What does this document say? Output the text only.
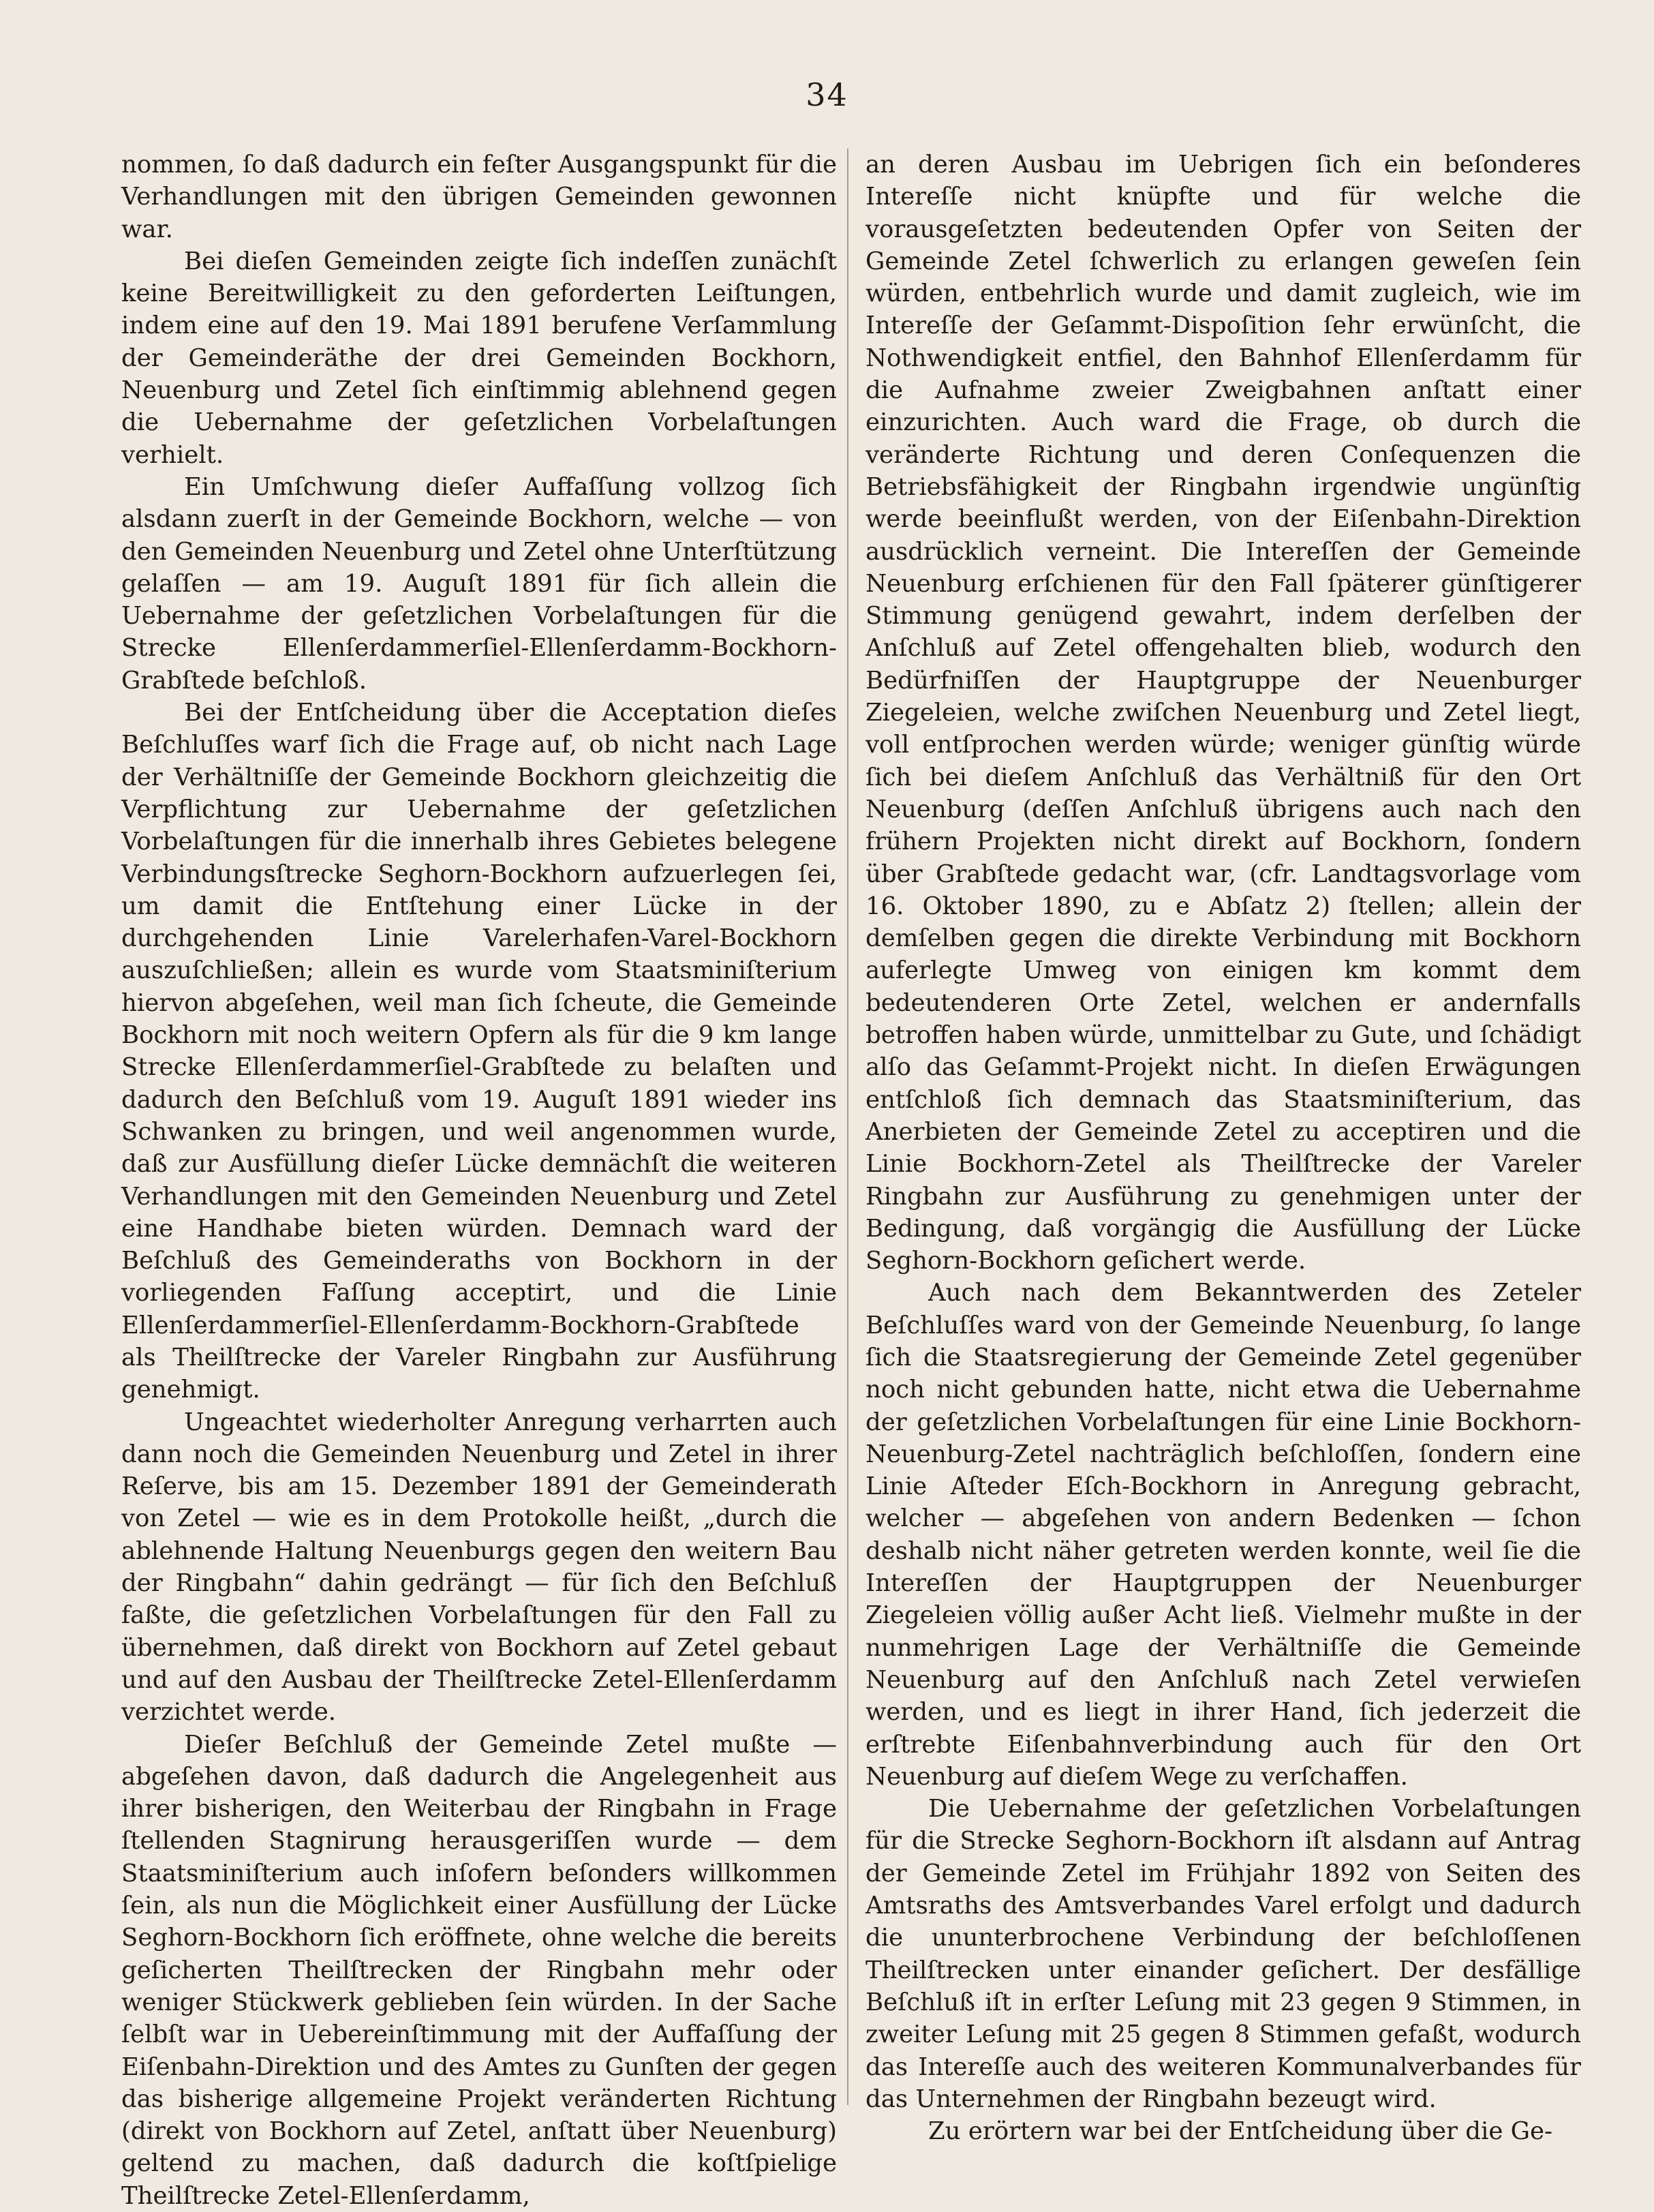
34

nommen, ſo daß dadurch ein feſter Ausgangspunkt für die Verhandlungen mit den übrigen Gemeinden gewonnen war.

Bei dieſen Gemeinden zeigte ſich indeſſen zunächſt keine Bereitwilligkeit zu den geforderten Leiſtungen, indem eine auf den 19. Mai 1891 berufene Verſammlung der Gemeinderäthe der drei Gemeinden Bockhorn, Neuenburg und Zetel ſich einſtimmig ablehnend gegen die Uebernahme der geſetzlichen Vorbelaſtungen verhielt.

Ein Umſchwung dieſer Auffaſſung vollzog ſich alsdann zuerſt in der Gemeinde Bockhorn, welche — von den Gemeinden Neuenburg und Zetel ohne Unterſtützung gelaſſen — am 19. Auguſt 1891 für ſich allein die Uebernahme der geſetzlichen Vorbelaſtungen für die Strecke Ellenſerdammerſiel-Ellenſerdamm-Bockhorn-Grabſtede beſchloß.

Bei der Entſcheidung über die Acceptation dieſes Beſchluſſes warf ſich die Frage auf, ob nicht nach Lage der Verhältniſſe der Gemeinde Bockhorn gleichzeitig die Verpflichtung zur Uebernahme der geſetzlichen Vorbelaſtungen für die innerhalb ihres Gebietes belegene Verbindungsſtrecke Seghorn-Bockhorn aufzuerlegen ſei, um damit die Entſtehung einer Lücke in der durchgehenden Linie Varelerhafen-Varel-Bockhorn auszuſchließen; allein es wurde vom Staatsminiſterium hiervon abgeſehen, weil man ſich ſcheute, die Gemeinde Bockhorn mit noch weitern Opfern als für die 9 km lange Strecke Ellenſerdammerſiel-Grabſtede zu belaſten und dadurch den Beſchluß vom 19. Auguſt 1891 wieder ins Schwanken zu bringen, und weil angenommen wurde, daß zur Ausfüllung dieſer Lücke demnächſt die weiteren Verhandlungen mit den Gemeinden Neuenburg und Zetel eine Handhabe bieten würden. Demnach ward der Beſchluß des Gemeinderaths von Bockhorn in der vorliegenden Faſſung acceptirt, und die Linie Ellenſerdammerſiel-Ellenſerdamm-Bockhorn-Grabſtede als Theilſtrecke der Vareler Ringbahn zur Ausführung genehmigt.

Ungeachtet wiederholter Anregung verharrten auch dann noch die Gemeinden Neuenburg und Zetel in ihrer Reſerve, bis am 15. Dezember 1891 der Gemeinderath von Zetel — wie es in dem Protokolle heißt, „durch die ablehnende Haltung Neuenburgs gegen den weitern Bau der Ringbahn“ dahin gedrängt — für ſich den Beſchluß faßte, die geſetzlichen Vorbelaſtungen für den Fall zu übernehmen, daß direkt von Bockhorn auf Zetel gebaut und auf den Ausbau der Theilſtrecke Zetel-Ellenſerdamm verzichtet werde.

Dieſer Beſchluß der Gemeinde Zetel mußte — abgeſehen davon, daß dadurch die Angelegenheit aus ihrer bisherigen, den Weiterbau der Ringbahn in Frage ſtellenden Stagnirung herausgeriſſen wurde — dem Staatsminiſterium auch inſofern beſonders willkommen ſein, als nun die Möglichkeit einer Ausfüllung der Lücke Seghorn-Bockhorn ſich eröffnete, ohne welche die bereits geſicherten Theilſtrecken der Ringbahn mehr oder weniger Stückwerk geblieben ſein würden. In der Sache ſelbſt war in Uebereinſtimmung mit der Auffaſſung der Eiſenbahn-Direktion und des Amtes zu Gunſten der gegen das bisherige allgemeine Projekt veränderten Richtung (direkt von Bockhorn auf Zetel, anſtatt über Neuenburg) geltend zu machen, daß dadurch die koſtſpielige Theilſtrecke Zetel-Ellenſerdamm,

an deren Ausbau im Uebrigen ſich ein beſonderes Intereſſe nicht knüpfte und für welche die vorausgeſetzten bedeutenden Opfer von Seiten der Gemeinde Zetel ſchwerlich zu erlangen geweſen ſein würden, entbehrlich wurde und damit zugleich, wie im Intereſſe der Geſammt-Dispoſition ſehr erwünſcht, die Nothwendigkeit entfiel, den Bahnhof Ellenſerdamm für die Aufnahme zweier Zweigbahnen anſtatt einer einzurichten. Auch ward die Frage, ob durch die veränderte Richtung und deren Conſequenzen die Betriebsfähigkeit der Ringbahn irgendwie ungünſtig werde beeinflußt werden, von der Eiſenbahn-Direktion ausdrücklich verneint. Die Intereſſen der Gemeinde Neuenburg erſchienen für den Fall ſpäterer günſtigerer Stimmung genügend gewahrt, indem derſelben der Anſchluß auf Zetel offengehalten blieb, wodurch den Bedürfniſſen der Hauptgruppe der Neuenburger Ziegeleien, welche zwiſchen Neuenburg und Zetel liegt, voll entſprochen werden würde; weniger günſtig würde ſich bei dieſem Anſchluß das Verhältniß für den Ort Neuenburg (deſſen Anſchluß übrigens auch nach den frühern Projekten nicht direkt auf Bockhorn, ſondern über Grabſtede gedacht war, (cfr. Landtagsvorlage vom 16. Oktober 1890, zu e Abſatz 2) ſtellen; allein der demſelben gegen die direkte Verbindung mit Bockhorn auferlegte Umweg von einigen km kommt dem bedeutenderen Orte Zetel, welchen er andernfalls betroffen haben würde, unmittelbar zu Gute, und ſchädigt alſo das Geſammt-Projekt nicht. In dieſen Erwägungen entſchloß ſich demnach das Staatsminiſterium, das Anerbieten der Gemeinde Zetel zu acceptiren und die Linie Bockhorn-Zetel als Theilſtrecke der Vareler Ringbahn zur Ausführung zu genehmigen unter der Bedingung, daß vorgängig die Ausfüllung der Lücke Seghorn-Bockhorn geſichert werde.

Auch nach dem Bekanntwerden des Zeteler Beſchluſſes ward von der Gemeinde Neuenburg, ſo lange ſich die Staatsregierung der Gemeinde Zetel gegenüber noch nicht gebunden hatte, nicht etwa die Uebernahme der geſetzlichen Vorbelaſtungen für eine Linie Bockhorn-Neuenburg-Zetel nachträglich beſchloſſen, ſondern eine Linie Aſteder Eſch-Bockhorn in Anregung gebracht, welcher — abgeſehen von andern Bedenken — ſchon deshalb nicht näher getreten werden konnte, weil ſie die Intereſſen der Hauptgruppen der Neuenburger Ziegeleien völlig außer Acht ließ. Vielmehr mußte in der nunmehrigen Lage der Verhältniſſe die Gemeinde Neuenburg auf den Anſchluß nach Zetel verwieſen werden, und es liegt in ihrer Hand, ſich jederzeit die erſtrebte Eiſenbahnverbindung auch für den Ort Neuenburg auf dieſem Wege zu verſchaffen.

Die Uebernahme der geſetzlichen Vorbelaſtungen für die Strecke Seghorn-Bockhorn iſt alsdann auf Antrag der Gemeinde Zetel im Frühjahr 1892 von Seiten des Amtsraths des Amtsverbandes Varel erfolgt und dadurch die ununterbrochene Verbindung der beſchloſſenen Theilſtrecken unter einander geſichert. Der desfällige Beſchluß iſt in erſter Leſung mit 23 gegen 9 Stimmen, in zweiter Leſung mit 25 gegen 8 Stimmen gefaßt, wodurch das Intereſſe auch des weiteren Kommunalverbandes für das Unternehmen der Ringbahn bezeugt wird.

Zu erörtern war bei der Entſcheidung über die Ge-
